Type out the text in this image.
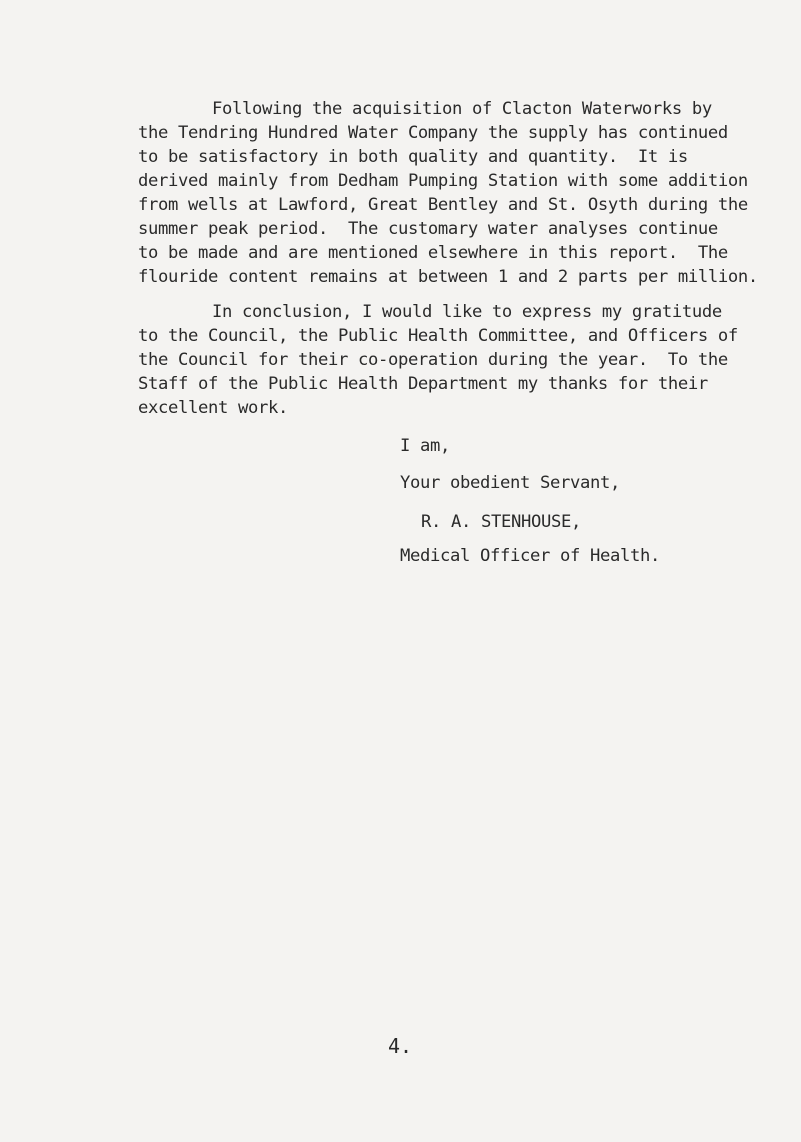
Following the acquisition of Clacton Waterworks by
the Tendring Hundred Water Company the supply has continued
to be satisfactory in both quality and quantity.  It is
derived mainly from Dedham Pumping Station with some addition
from wells at Lawford, Great Bentley and St. Osyth during the
summer peak period.  The customary water analyses continue
to be made and are mentioned elsewhere in this report.  The
flouride content remains at between 1 and 2 parts per million.
In conclusion, I would like to express my gratitude
to the Council, the Public Health Committee, and Officers of
the Council for their co-operation during the year.  To the
Staff of the Public Health Department my thanks for their
excellent work.
I am,
Your obedient Servant,
R. A. STENHOUSE,
Medical Officer of Health.
4.
